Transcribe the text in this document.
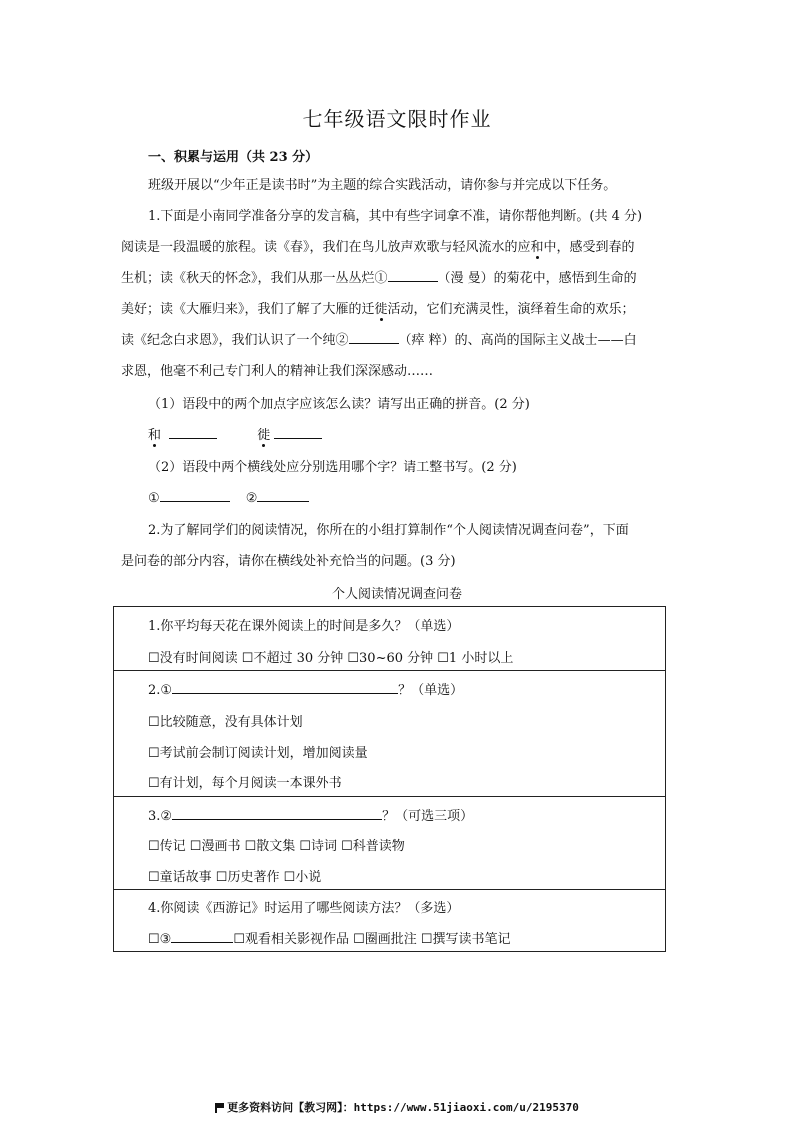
七年级语文限时作业
一、积累与运用（共 23 分）
班级开展以“少年正是读书时”为主题的综合实践活动，请你参与并完成以下任务。
1.下面是小南同学准备分享的发言稿，其中有些字词拿不准，请你帮他判断。(共 4 分)
阅读是一段温暖的旅程。读《春》，我们在鸟儿放声欢歌与轻风流水的应和中，感受到春的
生机；读《秋天的怀念》，我们从那一丛丛烂①	（漫 曼）的菊花中，感悟到生命的
美好；读《大雁归来》，我们了解了大雁的迁徙活动，它们充满灵性，演绎着生命的欢乐；
读《纪念白求恩》，我们认识了一个纯②	（瘁 粹）的、高尚的国际主义战士——白
求恩，他毫不利己专门利人的精神让我们深深感动……
（1）语段中的两个加点字应该怎么读？请写出正确的拼音。(2 分)
和	徙
（2）语段中两个横线处应分别选用哪个字？请工整书写。(2 分)
①	②
2.为了解同学们的阅读情况，你所在的小组打算制作“个人阅读情况调查问卷”，下面
是问卷的部分内容，请你在横线处补充恰当的问题。(3 分)
个人阅读情况调查问卷
1.你平均每天花在课外阅读上的时间是多久？（单选）
☐没有时间阅读 ☐不超过 30 分钟 ☐30~60 分钟 ☐1 小时以上
2.①	？（单选）
☐比较随意，没有具体计划
☐考试前会制订阅读计划，增加阅读量
☐有计划，每个月阅读一本课外书
3.②	？（可选三项）
☐传记 ☐漫画书 ☐散文集 ☐诗词 ☐科普读物
☐童话故事 ☐历史著作 ☐小说
4.你阅读《西游记》时运用了哪些阅读方法？（多选）
☐③	☐观看相关影视作品 ☐圈画批注 ☐撰写读书笔记
更多资料访问【教习网】：https://www.51jiaoxi.com/u/2195370
